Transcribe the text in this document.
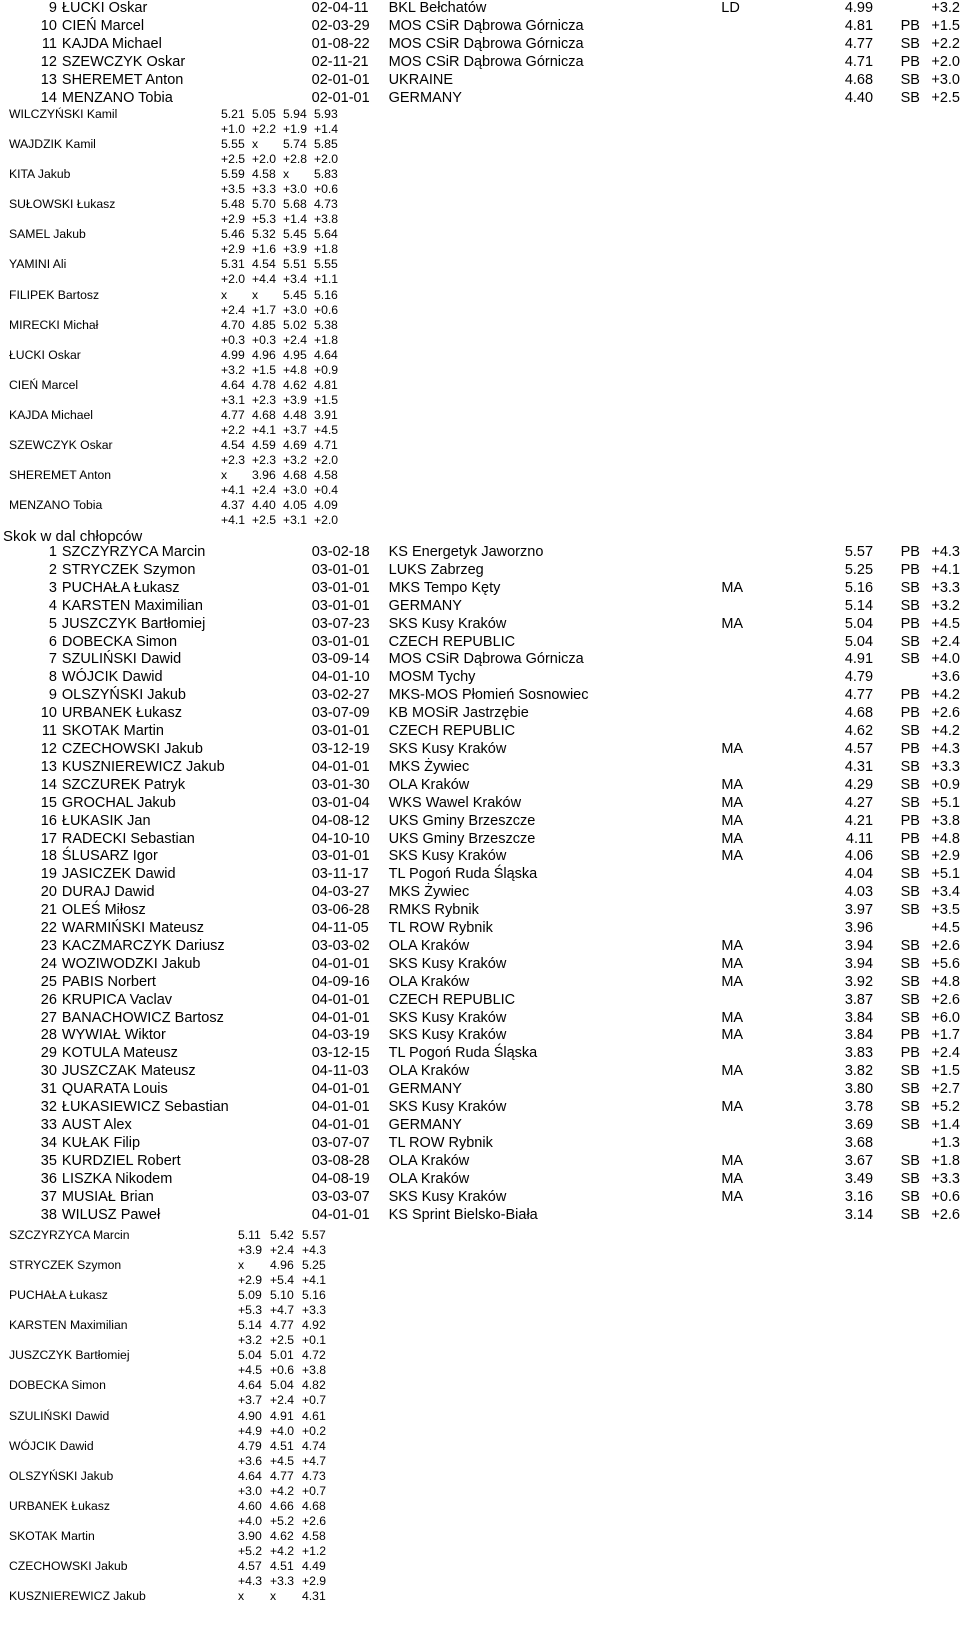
9	ŁUCKI Oskar	02-04-11	BKL Bełchatów	LD	4.99		+3.2
10	CIEŃ Marcel	02-03-29	MOS CSiR Dąbrowa Górnicza		4.81	PB	+1.5
11	KAJDA Michael	01-08-22	MOS CSiR Dąbrowa Górnicza		4.77	SB	+2.2
12	SZEWCZYK Oskar	02-11-21	MOS CSiR Dąbrowa Górnicza		4.71	PB	+2.0
13	SHEREMET Anton	02-01-01	UKRAINE		4.68	SB	+3.0
14	MENZANO Tobia	02-01-01	GERMANY		4.40	SB	+2.5
WILCZYŃSKI Kamil	5.21 5.05 5.94 5.93
+1.0 +2.2 +1.9 +1.4
WAJDZIK Kamil	5.55 x 5.74 5.85
+2.5 +2.0 +2.8 +2.0
KITA Jakub	5.59 4.58 x 5.83
+3.5 +3.3 +3.0 +0.6
SUŁOWSKI Łukasz	5.48 5.70 5.68 4.73
+2.9 +5.3 +1.4 +3.8
SAMEL Jakub	5.46 5.32 5.45 5.64
+2.9 +1.6 +3.9 +1.8
YAMINI Ali	5.31 4.54 5.51 5.55
+2.0 +4.4 +3.4 +1.1
FILIPEK Bartosz	x x 5.45 5.16
+2.4 +1.7 +3.0 +0.6
MIRECKI Michał	4.70 4.85 5.02 5.38
+0.3 +0.3 +2.4 +1.8
ŁUCKI Oskar	4.99 4.96 4.95 4.64
+3.2 +1.5 +4.8 +0.9
CIEŃ Marcel	4.64 4.78 4.62 4.81
+3.1 +2.3 +3.9 +1.5
KAJDA Michael	4.77 4.68 4.48 3.91
+2.2 +4.1 +3.7 +4.5
SZEWCZYK Oskar	4.54 4.59 4.69 4.71
+2.3 +2.3 +3.2 +2.0
SHEREMET Anton	x 3.96 4.68 4.58
+4.1 +2.4 +3.0 +0.4
MENZANO Tobia	4.37 4.40 4.05 4.09
+4.1 +2.5 +3.1 +2.0
Skok w dal chłopców
1	SZCZYRZYCA Marcin	03-02-18	KS Energetyk Jaworzno		5.57	PB	+4.3
2	STRYCZEK Szymon	03-01-01	LUKS Zabrzeg		5.25	PB	+4.1
3	PUCHAŁA Łukasz	03-01-01	MKS Tempo Kęty	MA	5.16	SB	+3.3
4	KARSTEN Maximilian	03-01-01	GERMANY		5.14	SB	+3.2
5	JUSZCZYK Bartłomiej	03-07-23	SKS Kusy Kraków	MA	5.04	PB	+4.5
6	DOBECKA Simon	03-01-01	CZECH REPUBLIC		5.04	SB	+2.4
7	SZULIŃSKI Dawid	03-09-14	MOS CSiR Dąbrowa Górnicza		4.91	SB	+4.0
8	WÓJCIK Dawid	04-01-10	MOSM Tychy		4.79		+3.6
9	OLSZYŃSKI Jakub	03-02-27	MKS-MOS Płomień Sosnowiec		4.77	PB	+4.2
10	URBANEK Łukasz	03-07-09	KB MOSiR Jastrzębie		4.68	PB	+2.6
11	SKOTAK Martin	03-01-01	CZECH REPUBLIC		4.62	SB	+4.2
12	CZECHOWSKI Jakub	03-12-19	SKS Kusy Kraków	MA	4.57	PB	+4.3
13	KUSZNIEREWICZ Jakub	04-01-01	MKS Żywiec		4.31	SB	+3.3
14	SZCZUREK Patryk	03-01-30	OLA Kraków	MA	4.29	SB	+0.9
15	GROCHAL Jakub	03-01-04	WKS Wawel Kraków	MA	4.27	SB	+5.1
16	ŁUKASIK Jan	04-08-12	UKS Gminy Brzeszcze	MA	4.21	PB	+3.8
17	RADECKI Sebastian	04-10-10	UKS Gminy Brzeszcze	MA	4.11	PB	+4.8
18	ŚLUSARZ Igor	03-01-01	SKS Kusy Kraków	MA	4.06	SB	+2.9
19	JASICZEK Dawid	03-11-17	TL Pogoń Ruda Śląska		4.04	SB	+5.1
20	DURAJ Dawid	04-03-27	MKS Żywiec		4.03	SB	+3.4
21	OLEŚ Miłosz	03-06-28	RMKS Rybnik		3.97	SB	+3.5
22	WARMIŃSKI Mateusz	04-11-05	TL ROW Rybnik		3.96		+4.5
23	KACZMARCZYK Dariusz	03-03-02	OLA Kraków	MA	3.94	SB	+2.6
24	WOZIWODZKI Jakub	04-01-01	SKS Kusy Kraków	MA	3.94	SB	+5.6
25	PABIS Norbert	04-09-16	OLA Kraków	MA	3.92	SB	+4.8
26	KRUPICA Vaclav	04-01-01	CZECH REPUBLIC		3.87	SB	+2.6
27	BANACHOWICZ Bartosz	04-01-01	SKS Kusy Kraków	MA	3.84	SB	+6.0
28	WYWIAŁ Wiktor	04-03-19	SKS Kusy Kraków	MA	3.84	PB	+1.7
29	KOTULA Mateusz	03-12-15	TL Pogoń Ruda Śląska		3.83	PB	+2.4
30	JUSZCZAK Mateusz	04-11-03	OLA Kraków	MA	3.82	SB	+1.5
31	QUARATA Louis	04-01-01	GERMANY		3.80	SB	+2.7
32	ŁUKASIEWICZ Sebastian	04-01-01	SKS Kusy Kraków	MA	3.78	SB	+5.2
33	AUST Alex	04-01-01	GERMANY		3.69	SB	+1.4
34	KUŁAK Filip	03-07-07	TL ROW Rybnik		3.68		+1.3
35	KURDZIEL Robert	03-08-28	OLA Kraków	MA	3.67	SB	+1.8
36	LISZKA Nikodem	04-08-19	OLA Kraków	MA	3.49	SB	+3.3
37	MUSIAŁ Brian	03-03-07	SKS Kusy Kraków	MA	3.16	SB	+0.6
38	WILUSZ Paweł	04-01-01	KS Sprint Bielsko-Biała		3.14	SB	+2.6
SZCZYRZYCA Marcin	5.11 5.42 5.57
+3.9 +2.4 +4.3
STRYCZEK Szymon	x 4.96 5.25
+2.9 +5.4 +4.1
PUCHAŁA Łukasz	5.09 5.10 5.16
+5.3 +4.7 +3.3
KARSTEN Maximilian	5.14 4.77 4.92
+3.2 +2.5 +0.1
JUSZCZYK Bartłomiej	5.04 5.01 4.72
+4.5 +0.6 +3.8
DOBECKA Simon	4.64 5.04 4.82
+3.7 +2.4 +0.7
SZULIŃSKI Dawid	4.90 4.91 4.61
+4.9 +4.0 +0.2
WÓJCIK Dawid	4.79 4.51 4.74
+3.6 +4.5 +4.7
OLSZYŃSKI Jakub	4.64 4.77 4.73
+3.0 +4.2 +0.7
URBANEK Łukasz	4.60 4.66 4.68
+4.0 +5.2 +2.6
SKOTAK Martin	3.90 4.62 4.58
+5.2 +4.2 +1.2
CZECHOWSKI Jakub	4.57 4.51 4.49
+4.3 +3.3 +2.9
KUSZNIEREWICZ Jakub	x x 4.31
